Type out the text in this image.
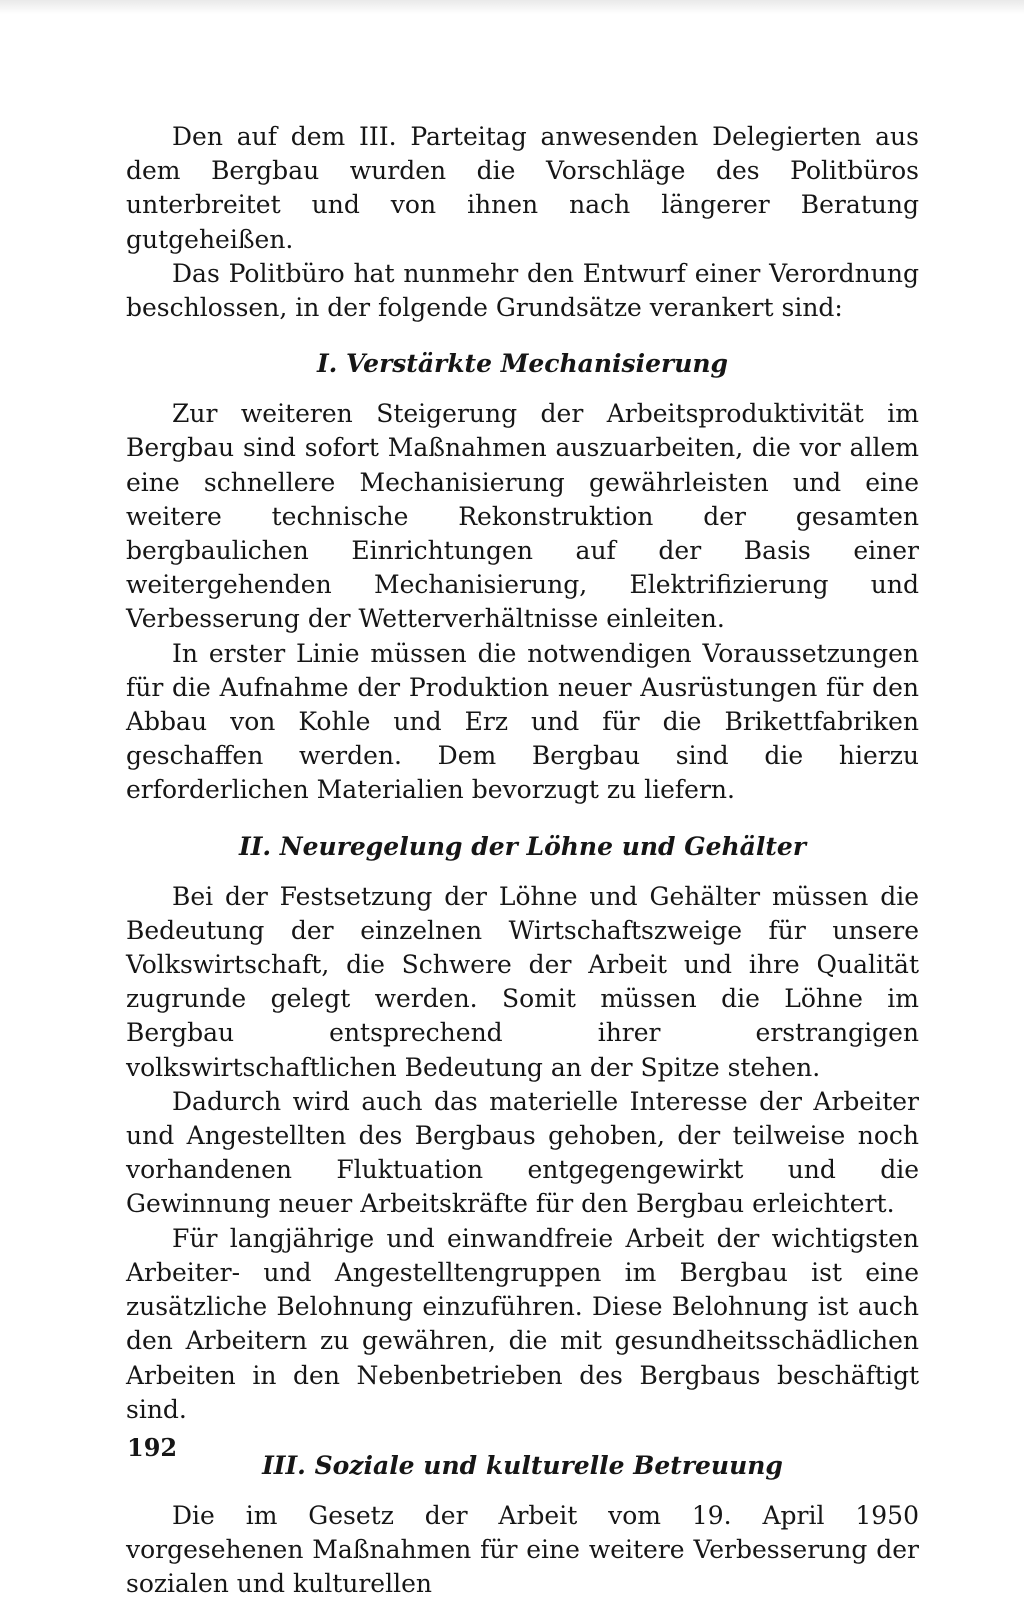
Den auf dem III. Parteitag anwesenden Delegierten aus dem Bergbau wurden die Vorschläge des Politbüros unterbreitet und von ihnen nach längerer Beratung gutgeheißen.

Das Politbüro hat nunmehr den Entwurf einer Verordnung beschlossen, in der folgende Grundsätze verankert sind:

I. Verstärkte Mechanisierung

Zur weiteren Steigerung der Arbeitsproduktivität im Bergbau sind sofort Maßnahmen auszuarbeiten, die vor allem eine schnellere Mechanisierung gewährleisten und eine weitere technische Rekonstruktion der gesamten bergbaulichen Einrichtungen auf der Basis einer weitergehenden Mechanisierung, Elektrifizierung und Verbesserung der Wetterverhältnisse einleiten.

In erster Linie müssen die notwendigen Voraussetzungen für die Aufnahme der Produktion neuer Ausrüstungen für den Abbau von Kohle und Erz und für die Brikettfabriken geschaffen werden. Dem Bergbau sind die hierzu erforderlichen Materialien bevorzugt zu liefern.

II. Neuregelung der Löhne und Gehälter

Bei der Festsetzung der Löhne und Gehälter müssen die Bedeutung der einzelnen Wirtschaftszweige für unsere Volkswirtschaft, die Schwere der Arbeit und ihre Qualität zugrunde gelegt werden. Somit müssen die Löhne im Bergbau entsprechend ihrer erstrangigen volkswirtschaftlichen Bedeutung an der Spitze stehen.

Dadurch wird auch das materielle Interesse der Arbeiter und Angestellten des Bergbaus gehoben, der teilweise noch vorhandenen Fluktuation entgegengewirkt und die Gewinnung neuer Arbeitskräfte für den Bergbau erleichtert.

Für langjährige und einwandfreie Arbeit der wichtigsten Arbeiter- und Angestelltengruppen im Bergbau ist eine zusätzliche Belohnung einzuführen. Diese Belohnung ist auch den Arbeitern zu gewähren, die mit gesundheitsschädlichen Arbeiten in den Nebenbetrieben des Bergbaus beschäftigt sind.

III. Soziale und kulturelle Betreuung

Die im Gesetz der Arbeit vom 19. April 1950 vorgesehenen Maßnahmen für eine weitere Verbesserung der sozialen und kulturellen

192
